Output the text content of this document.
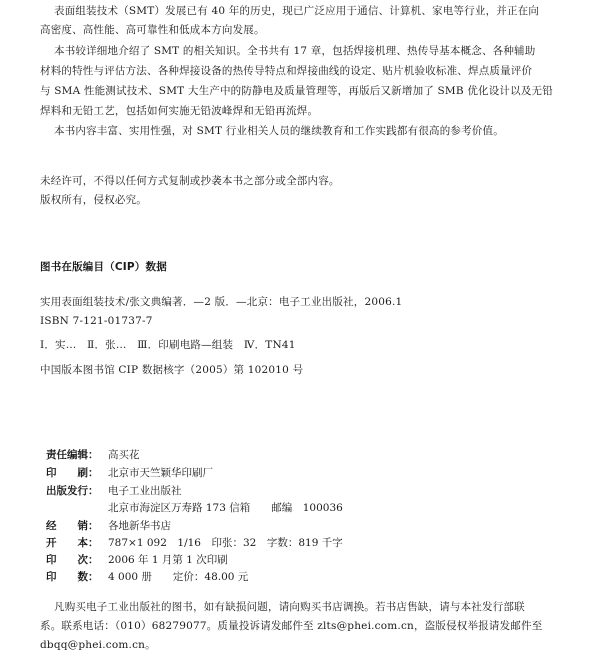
表面组装技术（SMT）发展已有 40 年的历史，现已广泛应用于通信、计算机、家电等行业，并正在向
高密度、高性能、高可靠性和低成本方向发展。
本书较详细地介绍了 SMT 的相关知识。全书共有 17 章，包括焊接机理、热传导基本概念、各种辅助
材料的特性与评估方法、各种焊接设备的热传导特点和焊接曲线的设定、贴片机验收标准、焊点质量评价
与 SMA 性能测试技术、SMT 大生产中的防静电及质量管理等，再版后又新增加了 SMB 优化设计以及无铅
焊料和无铅工艺，包括如何实施无铅波峰焊和无铅再流焊。
本书内容丰富、实用性强，对 SMT 行业相关人员的继续教育和工作实践都有很高的参考价值。
未经许可，不得以任何方式复制或抄袭本书之部分或全部内容。
版权所有，侵权必究。
图书在版编目（CIP）数据
实用表面组装技术/张文典编著．—2 版．—北京：电子工业出版社，2006.1
ISBN 7-121-01737-7
Ⅰ．实…　Ⅱ．张…　Ⅲ．印刷电路—组装　Ⅳ．TN41
中国版本图书馆 CIP 数据核字（2005）第 102010 号
责任编辑： 高买花
印　　刷： 北京市天竺颖华印刷厂
出版发行： 电子工业出版社
北京市海淀区万寿路 173 信箱　　邮编　100036
经　　销： 各地新华书店
开　　本： 787×1 092　1/16　印张：32　字数：819 千字
印　　次： 2006 年 1 月第 1 次印刷
印　　数： 4 000 册　　定价：48.00 元
凡购买电子工业出版社的图书，如有缺损问题，请向购买书店调换。若书店售缺，请与本社发行部联
系。联系电话：（010）68279077。质量投诉请发邮件至 zlts@phei.com.cn，盗版侵权举报请发邮件至
dbqq@phei.com.cn。
